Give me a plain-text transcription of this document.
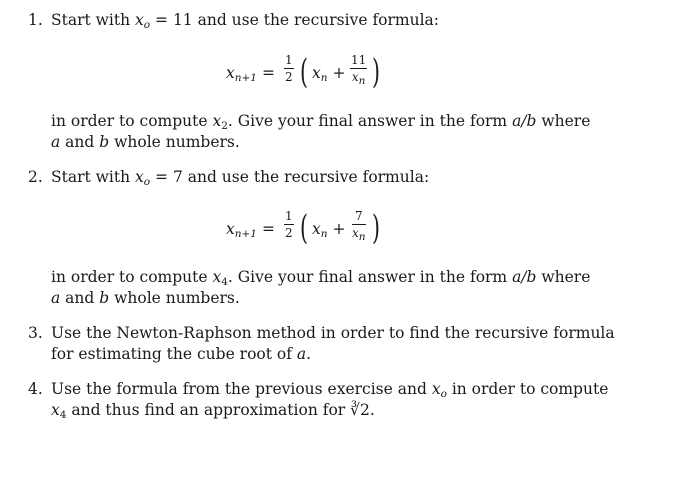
1. Start with $x_o = 11$ and use the recursive formula:
$x_{n+1} = \frac{1}{2}$ ( $x_n + \frac{11}{x_n}$ )
in order to compute $x_2$. Give your final answer in the form a/b where
a and b whole numbers.
2. Start with $x_o = 7$ and use the recursive formula:
$x_{n+1} = \frac{1}{2}$ ( $x_n + \frac{7}{x_n}$ )
in order to compute $x_4$. Give your final answer in the form a/b where
a and b whole numbers.
3. Use the Newton-Raphson method in order to find the recursive formula
for estimating the cube root of a.
4. Use the formula from the previous exercise and $x_o$ in order to compute
$x_4$ and thus find an approximation for ∛2.
